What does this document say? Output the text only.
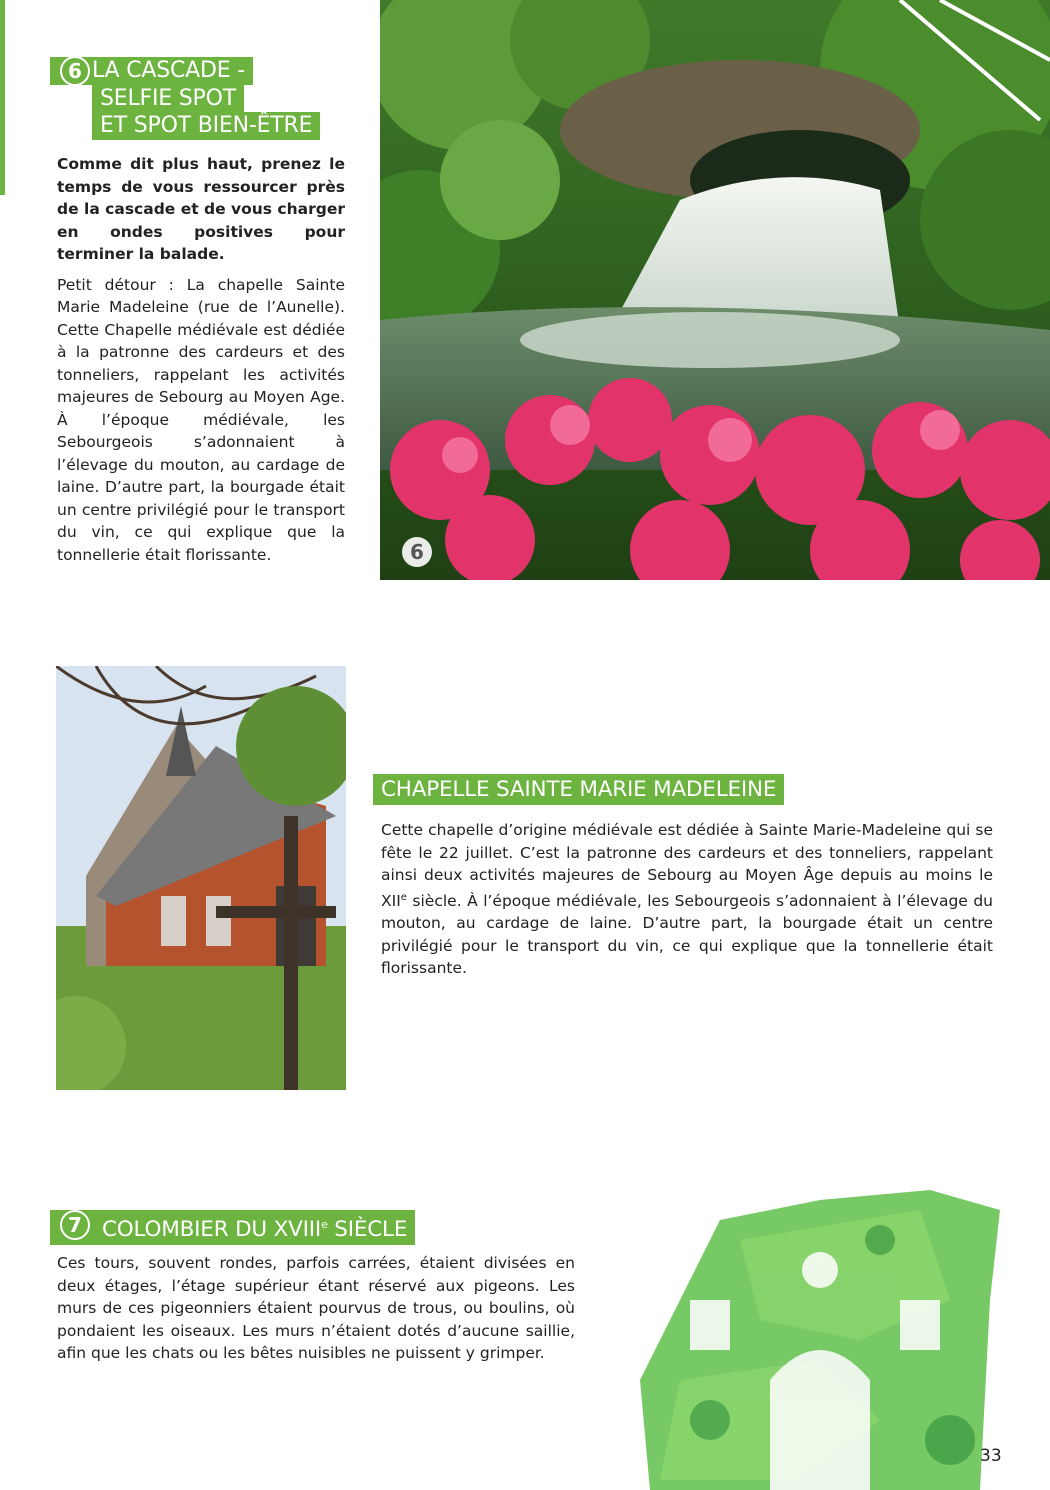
LA CASCADE -
6
SELFIE SPOT
ET SPOT BIEN-ÊTRE

Comme dit plus haut, prenez le temps de vous ressourcer près de la cascade et de vous charger en ondes positives pour terminer la balade.

Petit détour : La chapelle Sainte Marie Madeleine (rue de l’Aunelle). Cette Chapelle médiévale est dédiée à la patronne des cardeurs et des tonneliers, rappelant les activités majeures de Sebourg au Moyen Age. À l’époque médiévale, les Sebourgeois s’adonnaient à l’élevage du mouton, au cardage de laine. D’autre part, la bourgade était un centre privilégié pour le transport du vin, ce qui explique que la tonnellerie était florissante.	6
CHAPELLE SAINTE MARIE MADELEINE

Cette chapelle d’origine médiévale est dédiée à Sainte Marie-Madeleine qui se fête le 22 juillet. C’est la patronne des cardeurs et des tonneliers, rappelant ainsi deux activités majeures de Sebourg au Moyen Âge depuis au moins le XIIe siècle. À l’époque médiévale, les Sebourgeois s’adonnaient à l’élevage du mouton, au cardage de laine. D’autre part, la bourgade était un centre privilégié pour le transport du vin, ce qui explique que la tonnellerie était florissante.

COLOMBIER DU XVIIIe SIÈCLE
7

Ces tours, souvent rondes, parfois carrées, étaient divisées en deux étages, l’étage supérieur étant réservé aux pigeons. Les murs de ces pigeonniers étaient pourvus de trous, ou boulins, où pondaient les oiseaux. Les murs n’étaient dotés d’aucune saillie, afin que les chats ou les bêtes nuisibles ne puissent y grimper.

33
